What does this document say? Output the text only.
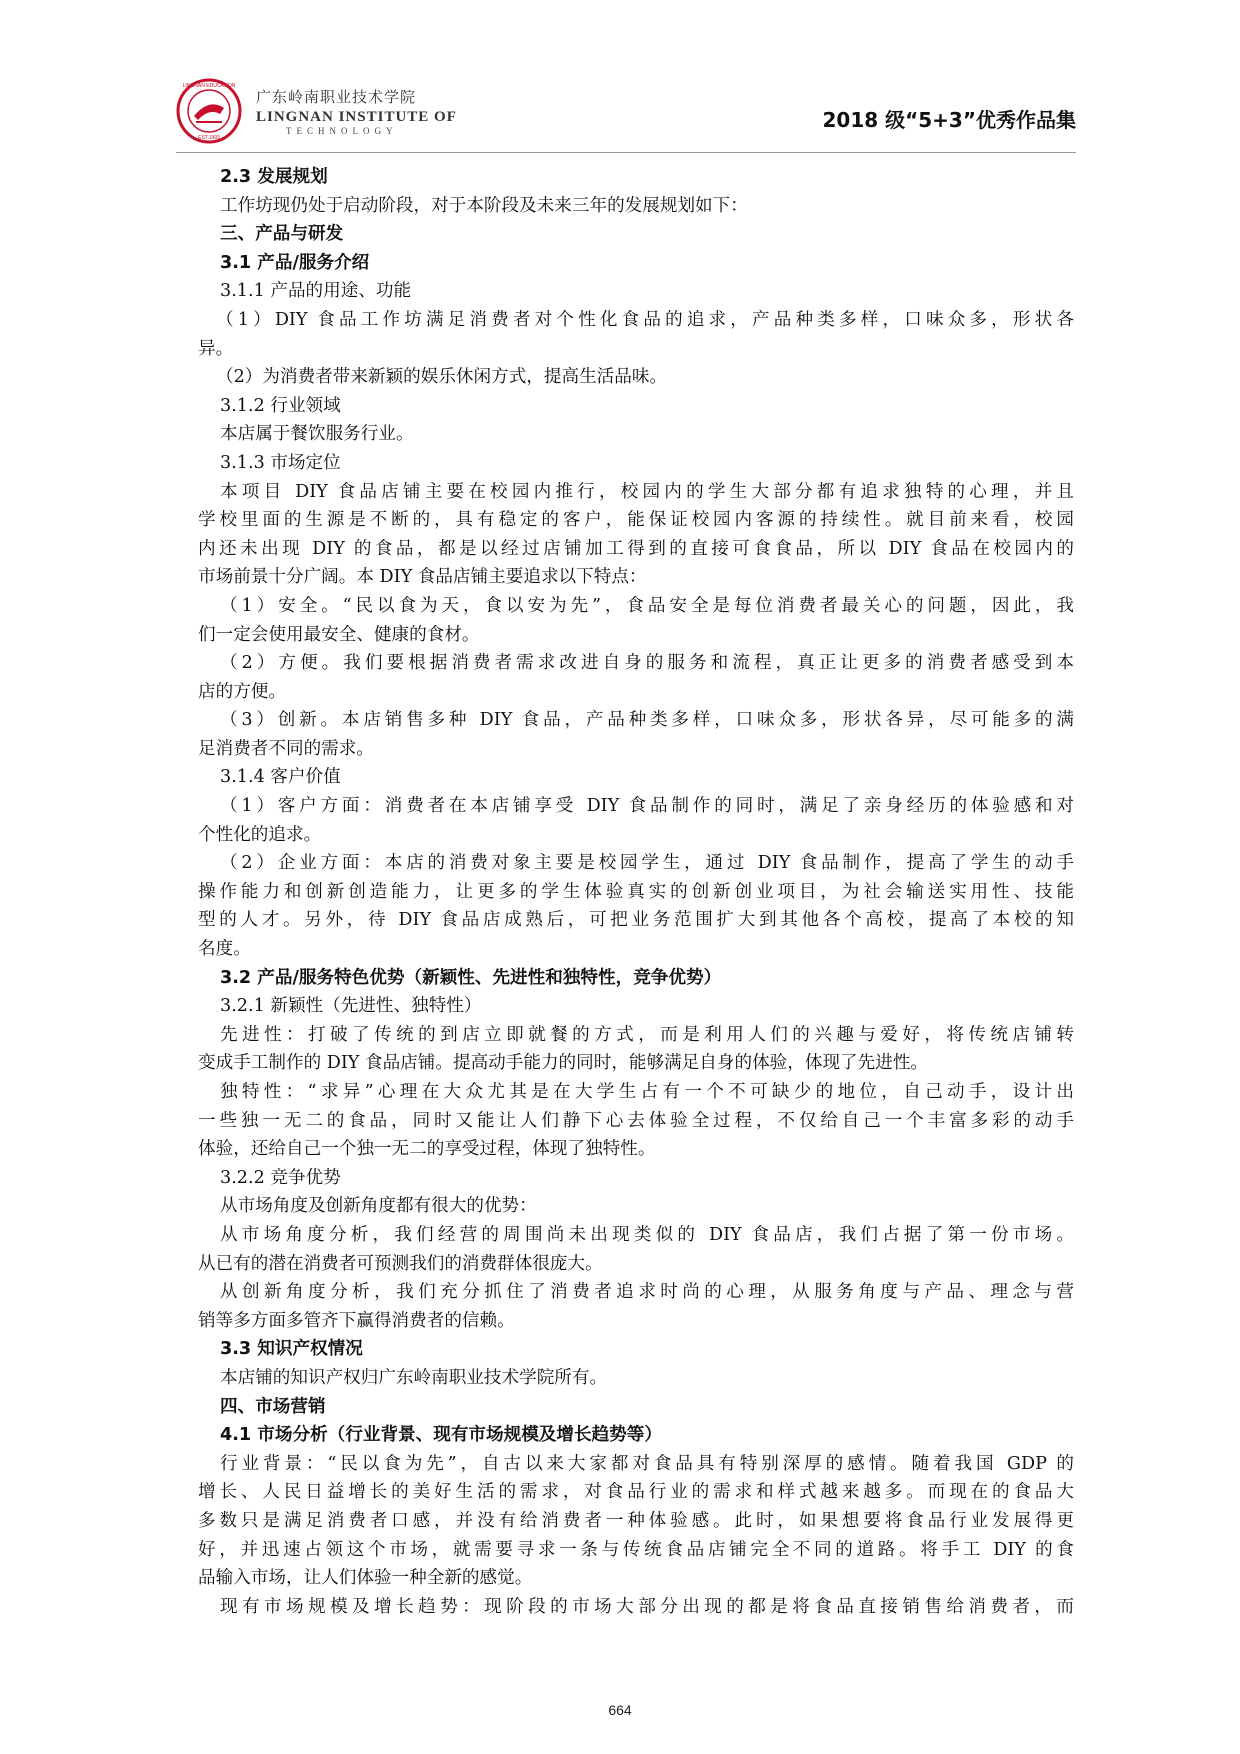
LINGNAN EDUCATION
EST.1993
广东岭南职业技术学院
LINGNAN INSTITUTE OF
TECHNOLOGY	2018 级“5+3”优秀作品集
2.3 发展规划
工作坊现仍处于启动阶段，对于本阶段及未来三年的发展规划如下：
三、产品与研发
3.1 产品/服务介绍
3.1.1 产品的用途、功能
（1）DIY 食品工作坊满足消费者对个性化食品的追求，产品种类多样，口味众多，形状各
异。
（2）为消费者带来新颖的娱乐休闲方式，提高生活品味。
3.1.2 行业领域
本店属于餐饮服务行业。
3.1.3 市场定位
本项目 DIY 食品店铺主要在校园内推行，校园内的学生大部分都有追求独特的心理，并且
学校里面的生源是不断的，具有稳定的客户，能保证校园内客源的持续性。就目前来看，校园
内还未出现 DIY 的食品，都是以经过店铺加工得到的直接可食食品，所以 DIY 食品在校园内的
市场前景十分广阔。本 DIY 食品店铺主要追求以下特点：
（1）安全。“民以食为天，食以安为先”，食品安全是每位消费者最关心的问题，因此，我
们一定会使用最安全、健康的食材。
（2）方便。我们要根据消费者需求改进自身的服务和流程，真正让更多的消费者感受到本
店的方便。
（3）创新。本店销售多种 DIY 食品，产品种类多样，口味众多，形状各异，尽可能多的满
足消费者不同的需求。
3.1.4 客户价值
（1）客户方面：消费者在本店铺享受 DIY 食品制作的同时，满足了亲身经历的体验感和对
个性化的追求。
（2）企业方面：本店的消费对象主要是校园学生，通过 DIY 食品制作，提高了学生的动手
操作能力和创新创造能力，让更多的学生体验真实的创新创业项目，为社会输送实用性、技能
型的人才。另外，待 DIY 食品店成熟后，可把业务范围扩大到其他各个高校，提高了本校的知
名度。
3.2 产品/服务特色优势（新颖性、先进性和独特性，竞争优势）
3.2.1 新颖性（先进性、独特性）
先进性：打破了传统的到店立即就餐的方式，而是利用人们的兴趣与爱好，将传统店铺转
变成手工制作的 DIY 食品店铺。提高动手能力的同时，能够满足自身的体验，体现了先进性。
独特性：“求异”心理在大众尤其是在大学生占有一个不可缺少的地位，自己动手，设计出
一些独一无二的食品，同时又能让人们静下心去体验全过程，不仅给自己一个丰富多彩的动手
体验，还给自己一个独一无二的享受过程，体现了独特性。
3.2.2 竞争优势
从市场角度及创新角度都有很大的优势：
从市场角度分析，我们经营的周围尚未出现类似的 DIY 食品店，我们占据了第一份市场。
从已有的潜在消费者可预测我们的消费群体很庞大。
从创新角度分析，我们充分抓住了消费者追求时尚的心理，从服务角度与产品、理念与营
销等多方面多管齐下赢得消费者的信赖。
3.3 知识产权情况
本店铺的知识产权归广东岭南职业技术学院所有。
四、市场营销
4.1 市场分析（行业背景、现有市场规模及增长趋势等）
行业背景：“民以食为先”，自古以来大家都对食品具有特别深厚的感情。随着我国 GDP 的
增长、人民日益增长的美好生活的需求，对食品行业的需求和样式越来越多。而现在的食品大
多数只是满足消费者口感，并没有给消费者一种体验感。此时，如果想要将食品行业发展得更
好，并迅速占领这个市场，就需要寻求一条与传统食品店铺完全不同的道路。将手工 DIY 的食
品输入市场，让人们体验一种全新的感觉。
现有市场规模及增长趋势：现阶段的市场大部分出现的都是将食品直接销售给消费者，而
664
